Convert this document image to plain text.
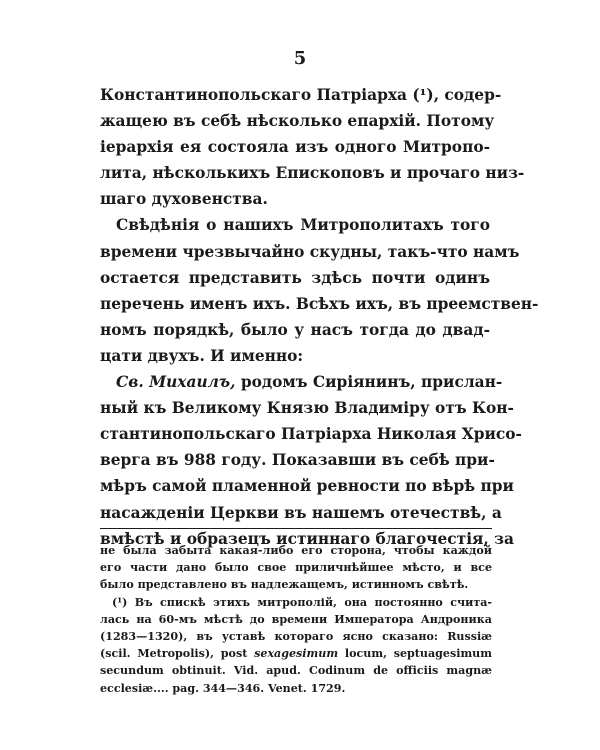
5
Константинопольскаго Патріарха (¹), содер-
жащею въ себѣ нѣсколько епархій. Потому
іерархія ея состояла изъ одного Митропо-
лита, нѣсколькихъ Епископовъ и прочаго низ-
шаго духовенства.
Свѣдѣнія о нашихъ Митрополитахъ того
времени чрезвычайно скудны, такъ-что намъ
остается представить здѣсь почти одинъ
перечень именъ ихъ. Всѣхъ ихъ, въ преемствен-
номъ порядкѣ, было у насъ тогда до двад-
цати двухъ. И именно:
Св. Михаилъ, родомъ Сиріянинъ, прислан-
ный къ Великому Князю Владиміру отъ Кон-
стантинопольскаго Патріарха Николая Хрисо-
верга въ 988 году. Показавши въ себѣ при-
мѣръ самой пламенной ревности по вѣрѣ при
насажденіи Церкви въ нашемъ отечествѣ, а
вмѣстѣ и образецъ истиннаго благочестія, за
не была забыта какая-либо его сторона, чтобы каждой
его части дано было свое приличнѣйшее мѣсто, и все
было представлено въ надлежащемъ, истинномъ свѣтѣ.
(¹) Въ спискѣ этихъ митрополій, она постоянно счита-
лась на 60-мъ мѣстѣ до времени Императора Андроника
(1283—1320), въ уставѣ котораго ясно сказано: Russiæ
(scil. Metropolis), post sexagesimum locum, septuagesimum
secundum obtinuit. Vid. apud. Codinum de officiis magnæ
ecclesiæ.... pag. 344—346. Venet. 1729.
